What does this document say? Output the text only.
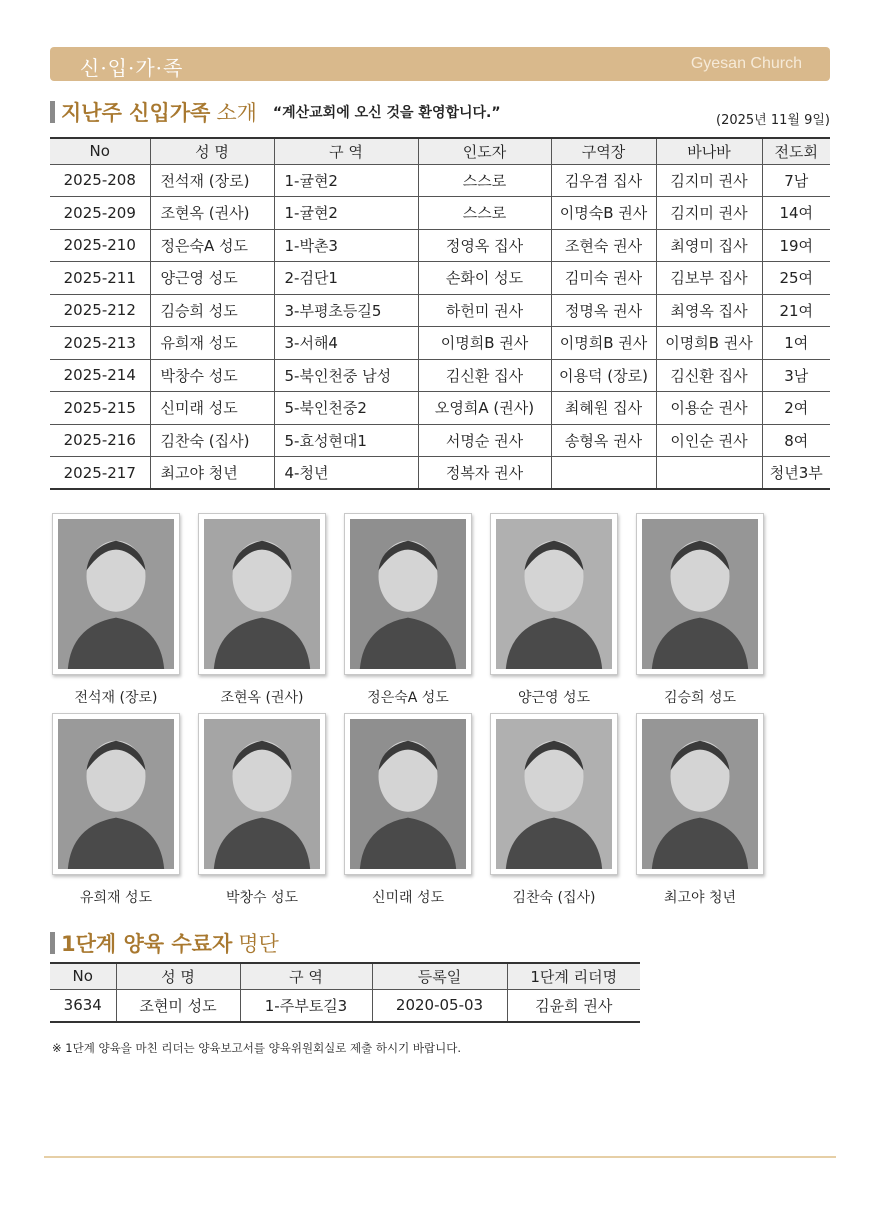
신·입·가·족	Gyesan Church
지난주 신입가족 소개 “계산교회에 오신 것을 환영합니다.”	(2025년 11월 9일)
No	성 명	구 역	인도자	구역장	바나바	전도회
2025-208	전석재 (장로)	1-귤현2	스스로	김우겸 집사	김지미 권사	7남
2025-209	조현옥 (권사)	1-귤현2	스스로	이명숙B 권사	김지미 권사	14여
2025-210	정은숙A 성도	1-박촌3	정영옥 집사	조현숙 권사	최영미 집사	19여
2025-211	양근영 성도	2-검단1	손화이 성도	김미숙 권사	김보부 집사	25여
2025-212	김승희 성도	3-부평초등길5	하헌미 권사	정명옥 권사	최영옥 집사	21여
2025-213	유희재 성도	3-서해4	이명희B 권사	이명희B 권사	이명희B 권사	1여
2025-214	박창수 성도	5-북인천중 남성	김신환 집사	이용덕 (장로)	김신환 집사	3남
2025-215	신미래 성도	5-북인천중2	오영희A (권사)	최혜원 집사	이용순 권사	2여
2025-216	김찬숙 (집사)	5-효성현대1	서명순 권사	송형옥 권사	이인순 권사	8여
2025-217	최고야 청년	4-청년	정복자 권사			청년3부
전석재 (장로)	조현옥 (권사)	정은숙A 성도	양근영 성도	김승희 성도
유희재 성도	박창수 성도	신미래 성도	김찬숙 (집사)	최고야 청년
1단계 양육 수료자 명단
No	성 명	구 역	등록일	1단계 리더명
3634	조현미 성도	1-주부토길3	2020-05-03	김윤희 권사
※ 1단계 양육을 마친 리더는 양육보고서를 양육위원회실로 제출 하시기 바랍니다.
